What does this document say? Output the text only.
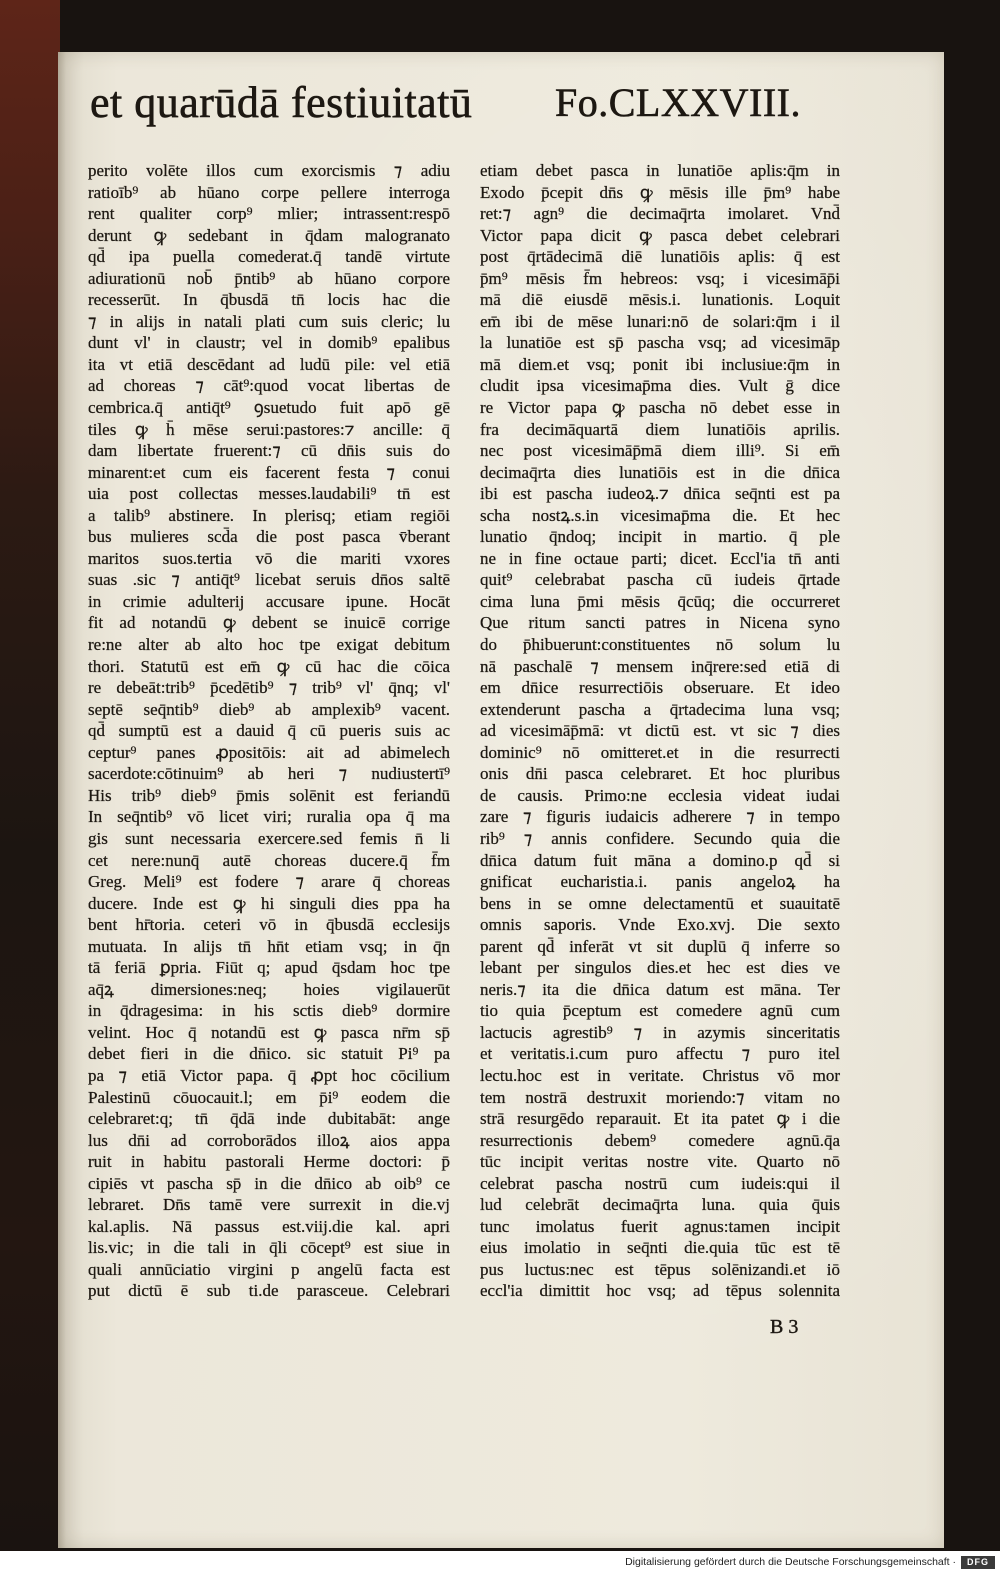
et quarūdā festiuitatū Fo.CLXXVIII.
perito volēte illos cum exorcismis ⁊ adiu
ratioīb⁹ ab hūano corpe pellere interroga
rent qualiter corp⁹ mlier; intrassent:respō
derunt ꝙ sedebant in q̄dam malogranato
qd̄ ipa puella comederat.q̄ tandē virtute
adiurationū nob̄ p̄ntib⁹ ab hūano corpore
recesserūt. In q̄busdā tn̄ locis hac die
⁊ in alijs in natali plati cum suis cleric; lu
dunt vl' in claustr; vel in domib⁹ epalibus
ita vt etiā descēdant ad ludū pile: vel etiā
ad choreas ⁊ cāt⁹:quod vocat libertas de
cembrica.q̄ antiq̄t⁹ ꝯsuetudo fuit apō gē
tiles ꝙ h̄ mēse serui:pastores:⁊ ancille: q̄
dam libertate fruerent:⁊ cū dn̄is suis do
minarent:et cum eis facerent festa ⁊ conui
uia post collectas messes.laudabili⁹ tn̄ est
a talib⁹ abstinere. In plerisq; etiam regiōi
bus mulieres scd̄a die post pasca v̄berant
maritos suos.tertia vō die mariti vxores
suas .sic ⁊ antiq̄t⁹ licebat seruis dn̄os saltē
in crimie adulterij accusare ipune. Hocāt
fit ad notandū ꝙ debent se inuicē corrige
re:ne alter ab alto hoc tpe exigat debitum
thori. Statutū est em̄ ꝙ cū hac die cōica
re debeāt:trib⁹ p̄cedētib⁹ ⁊ trib⁹ vl' q̄nq; vl'
septē seq̄ntib⁹ dieb⁹ ab amplexib⁹ vacent.
qd̄ sumptū est a dauid q̄ cū pueris suis ac
ceptur⁹ panes ꝓpositōis: ait ad abimelech
sacerdote:cōtinuim⁹ ab heri ⁊ nudiustertī⁹
His trib⁹ dieb⁹ p̄mis solēnit est feriandū
In seq̄ntib⁹ vō licet viri; ruralia opa q̄ ma
gis sunt necessaria exercere.sed femis n̄ li
cet nere:nunq̄ autē choreas ducere.q̄ f̄m
Greg. Meli⁹ est fodere ⁊ arare q̄ choreas
ducere. Inde est ꝙ hi singuli dies ppa ha
bent hr̄toria. ceteri vō in q̄busdā ecclesijs
mutuata. In alijs tn̄ hn̄t etiam vsq; in q̄n
tā feriā ꝑpria. Fiūt q; apud q̄sdam hoc tpe
aq̄ꝝ dimersiones:neq; hoies vigilauerūt
in q̄dragesima: in his sctis dieb⁹ dormire
velint. Hoc q̄ notandū est ꝙ pasca nr̄m sp̄
debet fieri in die dn̄ico. sic statuit Pi⁹ pa
pa ⁊ etiā Victor papa. q̄ ꝓpt hoc cōcilium
Palestinū cōuocauit.l; em p̄i⁹ eodem die
celebraret:q; tn̄ q̄dā inde dubitabāt: ange
lus dn̄i ad corroborādos illoꝝ aios appa
ruit in habitu pastorali Herme doctori: p̄
cipiēs vt pascha sp̄ in die dn̄ico ab oib⁹ ce
lebraret. Dn̄s tamē vere surrexit in die.vj
kal.aplis. Nā passus est.viij.die kal. apri
lis.vic; in die tali in q̄li cōcept⁹ est siue in
quali annūciatio virgini p angelū facta est
put dictū ē sub ti.de parasceue. Celebrari
etiam debet pasca in lunatiōe aplis:q̄m in
Exodo p̄cepit dn̄s ꝙ mēsis ille p̄m⁹ habe
ret:⁊ agn⁹ die decimaq̄rta imolaret. Vnd̄
Victor papa dicit ꝙ pasca debet celebrari
post q̄rtādecimā diē lunatiōis aplis: q̄ est
p̄m⁹ mēsis f̄m hebreos: vsq; i vicesimāp̄i
mā diē eiusdē mēsis.i. lunationis. Loquit
em̄ ibi de mēse lunari:nō de solari:q̄m i il
la lunatiōe est sp̄ pascha vsq; ad vicesimāp
mā diem.et vsq; ponit ibi inclusiue:q̄m in
cludit ipsa vicesimap̄ma dies. Vult ḡ dice
re Victor papa ꝙ pascha nō debet esse in
fra decimāquartā diem lunatiōis aprilis.
nec post vicesimāp̄mā diem illi⁹. Si em̄
decimaq̄rta dies lunatiōis est in die dn̄ica
ibi est pascha iudeoꝝ.⁊ dn̄ica seq̄nti est pa
scha nostꝝ.s.in vicesimap̄ma die. Et hec
lunatio q̄ndoq; incipit in martio. q̄ ple
ne in fine octaue parti; dicet. Eccl'ia tn̄ anti
quit⁹ celebrabat pascha cū iudeis q̄rtade
cima luna p̄mi mēsis q̄cūq; die occurreret
Que ritum sancti patres in Nicena syno
do p̄hibuerunt:constituentes nō solum lu
nā paschalē ⁊ mensem inq̄rere:sed etiā di
em dn̄ice resurrectiōis obseruare. Et ideo
extenderunt pascha a q̄rtadecima luna vsq;
ad vicesimāp̄mā: vt dictū est. vt sic ⁊ dies
dominic⁹ nō omitteret.et in die resurrecti
onis dn̄i pasca celebraret. Et hoc pluribus
de causis. Primo:ne ecclesia videat iudai
zare ⁊ figuris iudaicis adherere ⁊ in tempo
rib⁹ ⁊ annis confidere. Secundo quia die
dn̄ica datum fuit māna a domino.p qd̄ si
gnificat eucharistia.i. panis angeloꝝ ha
bens in se omne delectamentū et suauitatē
omnis saporis. Vnde Exo.xvj. Die sexto
parent qd̄ inferāt vt sit duplū q̄ inferre so
lebant per singulos dies.et hec est dies ve
neris.⁊ ita die dn̄ica datum est māna. Ter
tio quia p̄ceptum est comedere agnū cum
lactucis agrestib⁹ ⁊ in azymis sinceritatis
et veritatis.i.cum puro affectu ⁊ puro itel
lectu.hoc est in veritate. Christus vō mor
tem nostrā destruxit moriendo:⁊ vitam no
strā resurgēdo reparauit. Et ita patet ꝙ i die
resurrectionis debem⁹ comedere agnū.q̄a
tūc incipit veritas nostre vite. Quarto nō
celebrat pascha nostrū cum iudeis:qui il
lud celebrāt decimaq̄rta luna. quia q̄uis
tunc imolatus fuerit agnus:tamen incipit
eius imolatio in seq̄nti die.quia tūc est tē
pus luctus:nec est tēpus solēnizandi.et iō
eccl'ia dimittit hoc vsq; ad tēpus solennita
B 3
Digitalisierung gefördert durch die Deutsche Forschungsgemeinschaft ·	DFG
